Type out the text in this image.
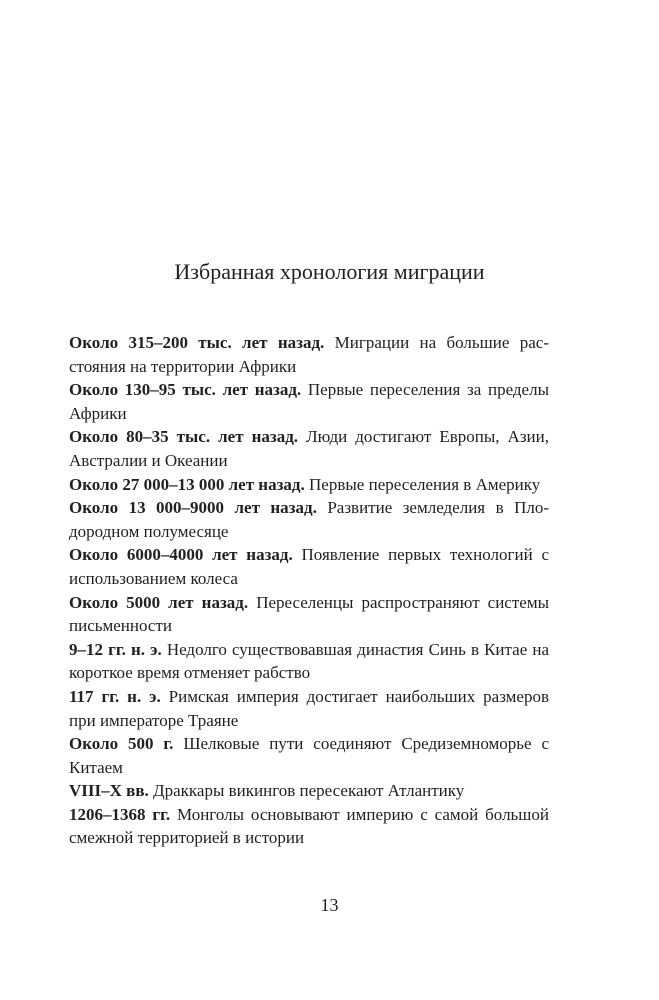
Избранная хронология миграции
Около 315–200 тыс. лет назад. Миграции на большие расстояния на территории Африки
Около 130–95 тыс. лет назад. Первые переселения за пределы Африки
Около 80–35 тыс. лет назад. Люди достигают Европы, Азии, Австралии и Океании
Около 27 000–13 000 лет назад. Первые переселения в Америку
Около 13 000–9000 лет назад. Развитие земледелия в Плодородном полумесяце
Около 6000–4000 лет назад. Появление первых технологий с использованием колеса
Около 5000 лет назад. Переселенцы распространяют системы письменности
9–12 гг. н. э. Недолго существовавшая династия Синь в Китае на короткое время отменяет рабство
117 гг. н. э. Римская империя достигает наибольших размеров при императоре Траяне
Около 500 г. Шелковые пути соединяют Средиземноморье с Китаем
VIII–X вв. Драккары викингов пересекают Атлантику
1206–1368 гг. Монголы основывают империю с самой большой смежной территорией в истории
13
